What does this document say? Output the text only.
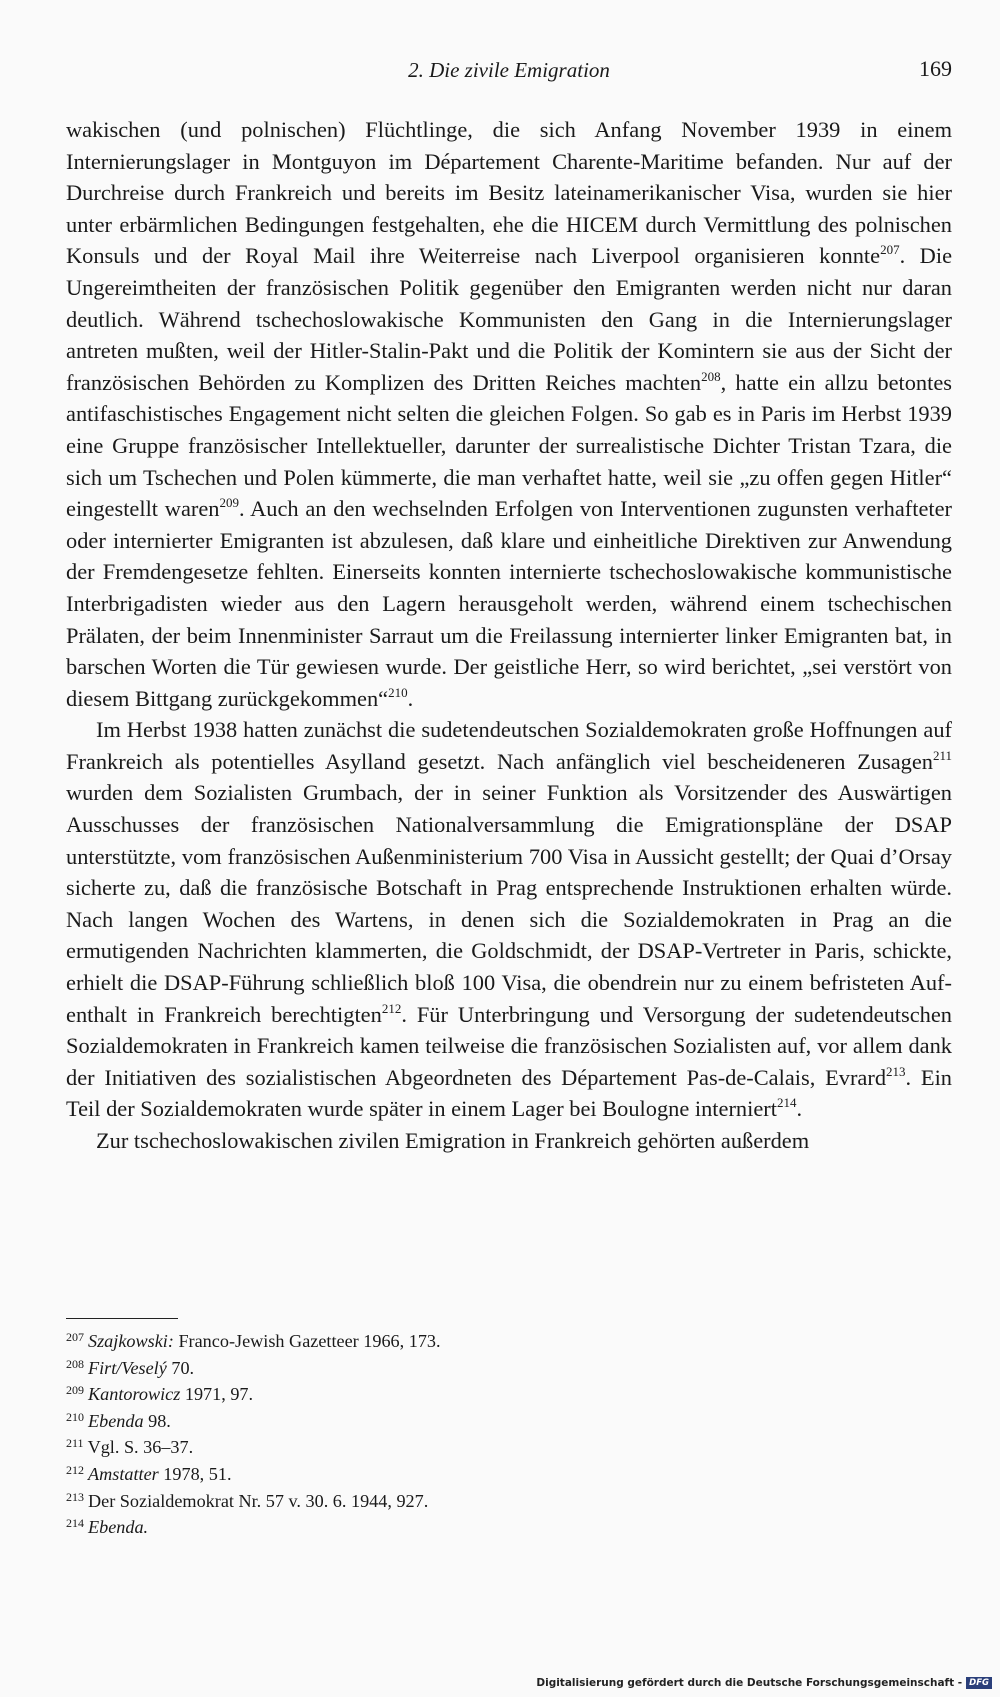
2. Die zivile Emigration	169

wakischen (und polnischen) Flüchtlinge, die sich Anfang November 1939 in einem Internierungslager in Montguyon im Département Charente-Maritime befanden. Nur auf der Durchreise durch Frankreich und bereits im Besitz lateinamerikanischer Visa, wurden sie hier unter erbärmlichen Bedingungen festgehalten, ehe die HICEM durch Vermittlung des polnischen Konsuls und der Royal Mail ihre Weiterreise nach Liverpool organisieren konnte$^{207}$. Die Ungereimtheiten der französischen Politik gegenüber den Emigranten werden nicht nur daran deutlich. Während tschechoslowakische Kommunisten den Gang in die Internierungslager antreten mußten, weil der Hitler-Stalin-Pakt und die Politik der Komintern sie aus der Sicht der französischen Behörden zu Komplizen des Dritten Reiches machten$^{208}$, hatte ein allzu betontes antifaschistisches Engagement nicht selten die gleichen Folgen. So gab es in Paris im Herbst 1939 eine Gruppe französischer Intellektueller, darunter der surrealistische Dichter Tristan Tzara, die sich um Tschechen und Polen kümmerte, die man verhaftet hatte, weil sie „zu offen gegen Hitler“ eingestellt waren$^{209}$. Auch an den wechselnden Erfolgen von Interventionen zugunsten verhafteter oder internierter Emigranten ist abzulesen, daß klare und einheitliche Direktiven zur Anwendung der Fremdengesetze fehlten. Einerseits konnten internierte tschechoslowakische kommunistische Interbrigadisten wieder aus den Lagern herausgeholt werden, während einem tschechischen Prälaten, der beim Innenminister Sarraut um die Freilassung internierter linker Emigranten bat, in barschen Worten die Tür gewiesen wurde. Der geistliche Herr, so wird berichtet, „sei verstört von diesem Bittgang zurückgekommen“$^{210}$.

Im Herbst 1938 hatten zunächst die sudetendeutschen Sozialdemokraten große Hoffnungen auf Frankreich als potentielles Asylland gesetzt. Nach anfänglich viel bescheideneren Zusagen$^{211}$ wurden dem Sozialisten Grumbach, der in seiner Funktion als Vorsitzender des Auswärtigen Ausschusses der französischen Nationalversammlung die Emigrationspläne der DSAP unterstützte, vom französischen Außenministerium 700 Visa in Aussicht gestellt; der Quai d’Orsay sicherte zu, daß die französische Botschaft in Prag entsprechende Instruktionen erhalten würde. Nach langen Wochen des Wartens, in denen sich die Sozialdemokraten in Prag an die ermutigenden Nachrichten klammerten, die Goldschmidt, der DSAP-Vertreter in Paris, schickte, erhielt die DSAP-Führung schließlich bloß 100 Visa, die obendrein nur zu einem befristeten Aufenthalt in Frankreich berechtigten$^{212}$. Für Unterbringung und Versorgung der sudetendeutschen Sozialdemokraten in Frankreich kamen teilweise die französischen Sozialisten auf, vor allem dank der Initiativen des sozialistischen Abgeordneten des Département Pas-de-Calais, Evrard$^{213}$. Ein Teil der Sozialdemokraten wurde später in einem Lager bei Boulogne interniert$^{214}$.

Zur tschechoslowakischen zivilen Emigration in Frankreich gehörten außerdem

$^{207}$ Szajkowski: Franco-Jewish Gazetteer 1966, 173.
$^{208}$ Firt/Veselý 70.
$^{209}$ Kantorowicz 1971, 97.
$^{210}$ Ebenda 98.
$^{211}$ Vgl. S. 36–37.
$^{212}$ Amstatter 1978, 51.
$^{213}$ Der Sozialdemokrat Nr. 57 v. 30. 6. 1944, 927.
$^{214}$ Ebenda.
Digitalisierung gefördert durch die Deutsche Forschungsgemeinschaft - DFG
